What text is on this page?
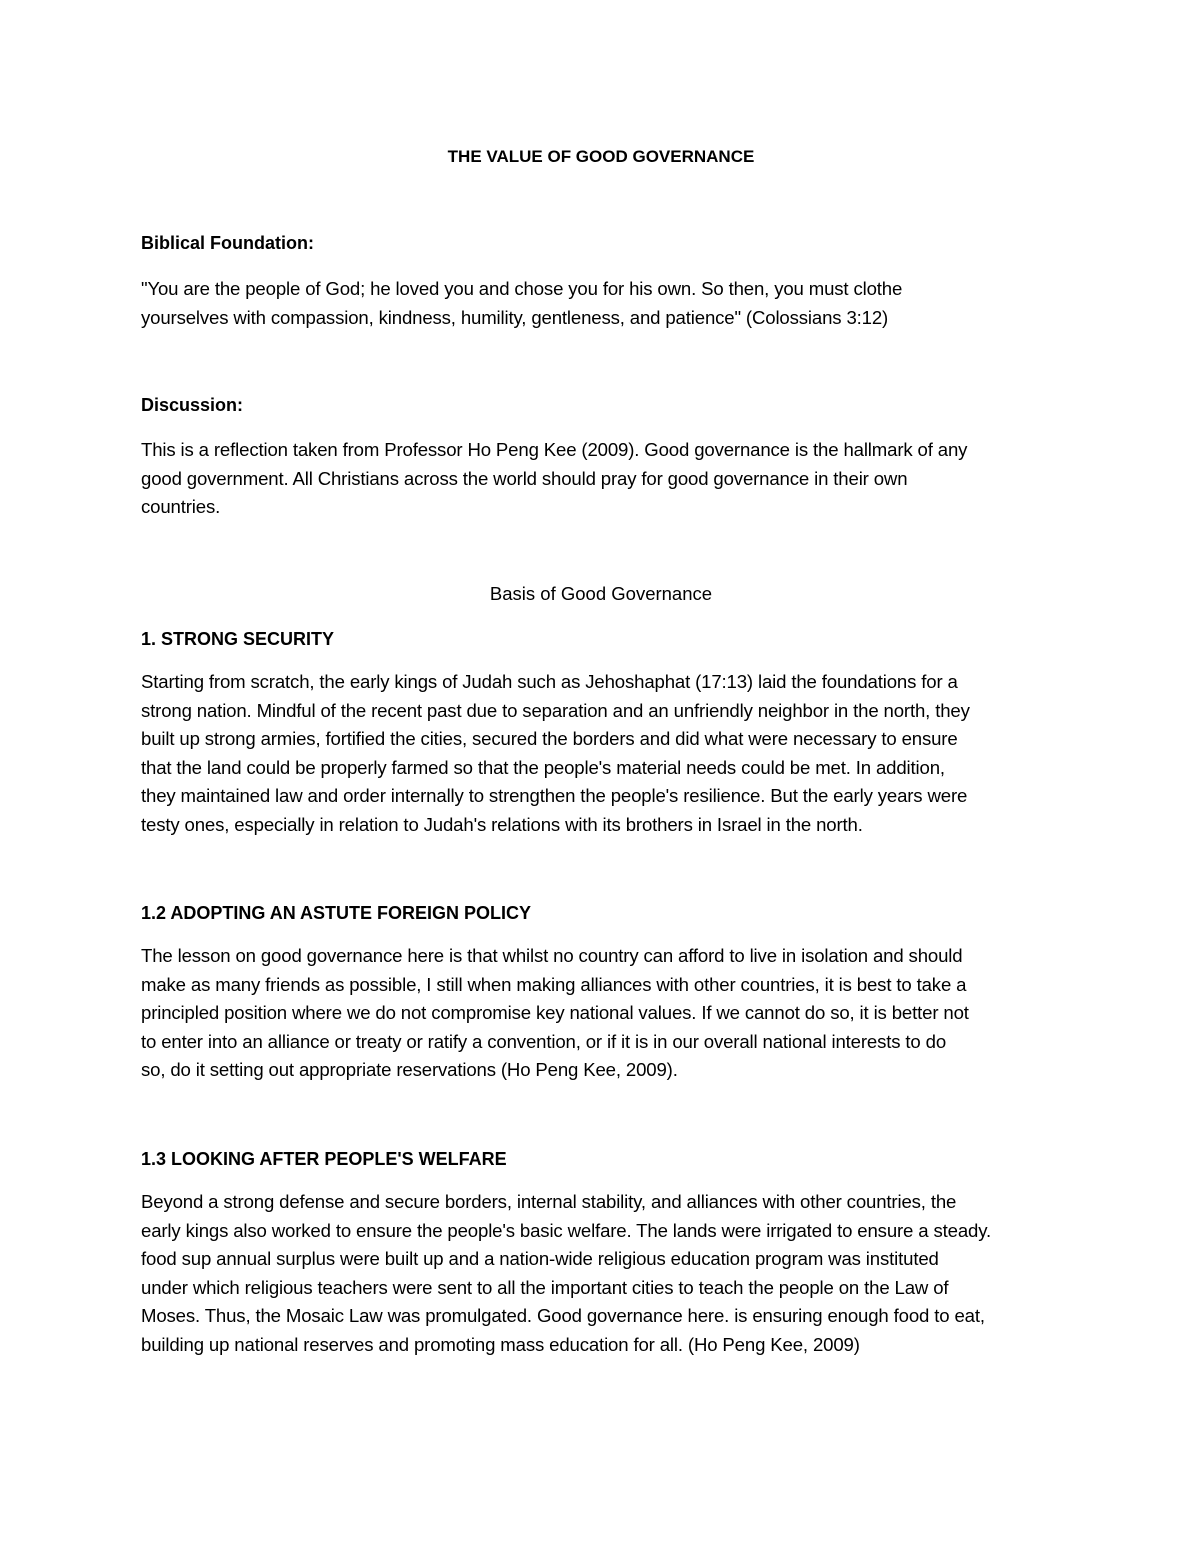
THE VALUE OF GOOD GOVERNANCE
Biblical Foundation:
"You are the people of God; he loved you and chose you for his own. So then, you must clothe
yourselves with compassion, kindness, humility, gentleness, and patience" (Colossians 3:12)
Discussion:
This is a reflection taken from Professor Ho Peng Kee (2009). Good governance is the hallmark of any
good government. All Christians across the world should pray for good governance in their own
countries.
Basis of Good Governance
1. STRONG SECURITY
Starting from scratch, the early kings of Judah such as Jehoshaphat (17:13) laid the foundations for a
strong nation. Mindful of the recent past due to separation and an unfriendly neighbor in the north, they
built up strong armies, fortified the cities, secured the borders and did what were necessary to ensure
that the land could be properly farmed so that the people's material needs could be met. In addition,
they maintained law and order internally to strengthen the people's resilience. But the early years were
testy ones, especially in relation to Judah's relations with its brothers in Israel in the north.
1.2 ADOPTING AN ASTUTE FOREIGN POLICY
The lesson on good governance here is that whilst no country can afford to live in isolation and should
make as many friends as possible, I still when making alliances with other countries, it is best to take a
principled position where we do not compromise key national values. If we cannot do so, it is better not
to enter into an alliance or treaty or ratify a convention, or if it is in our overall national interests to do
so, do it setting out appropriate reservations (Ho Peng Kee, 2009).
1.3 LOOKING AFTER PEOPLE'S WELFARE
Beyond a strong defense and secure borders, internal stability, and alliances with other countries, the
early kings also worked to ensure the people's basic welfare. The lands were irrigated to ensure a steady.
food sup annual surplus were built up and a nation-wide religious education program was instituted
under which religious teachers were sent to all the important cities to teach the people on the Law of
Moses. Thus, the Mosaic Law was promulgated. Good governance here. is ensuring enough food to eat,
building up national reserves and promoting mass education for all. (Ho Peng Kee, 2009)
